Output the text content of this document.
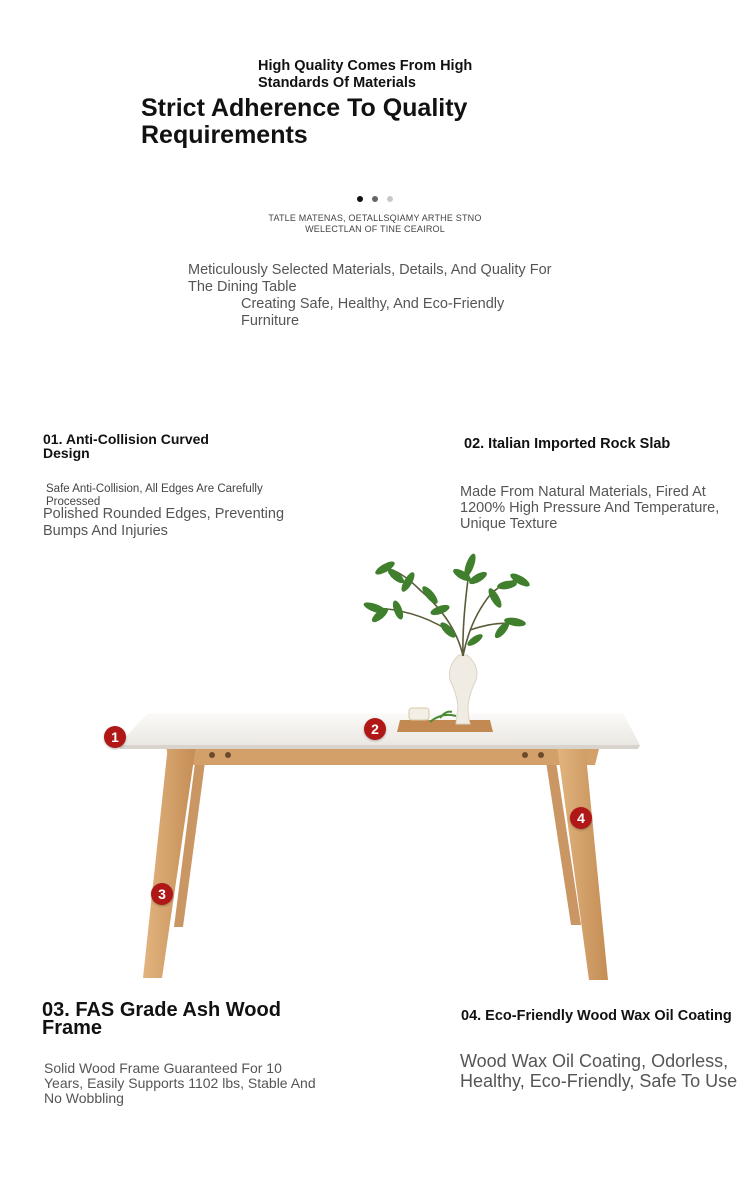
High Quality Comes From High Standards Of Materials
Strict Adherence To Quality Requirements
TATLE MATENAS, OETALLSQIAMY ARTHE STNO WELECTLAN OF TINE CEAIROL
Meticulously Selected Materials, Details, And Quality For The Dining Table
Creating Safe, Healthy, And Eco-Friendly Furniture
01. Anti-Collision Curved Design
Safe Anti-Collision, All Edges Are Carefully Processed
Polished Rounded Edges, Preventing Bumps And Injuries
02. Italian Imported Rock Slab
Made From Natural Materials, Fired At 1200% High Pressure And Temperature, Unique Texture
1	2
3
4
03. FAS Grade Ash Wood Frame
Solid Wood Frame Guaranteed For 10 Years, Easily Supports 1102 lbs, Stable And No Wobbling
04. Eco-Friendly Wood Wax Oil Coating
Wood Wax Oil Coating, Odorless, Healthy, Eco-Friendly, Safe To Use
